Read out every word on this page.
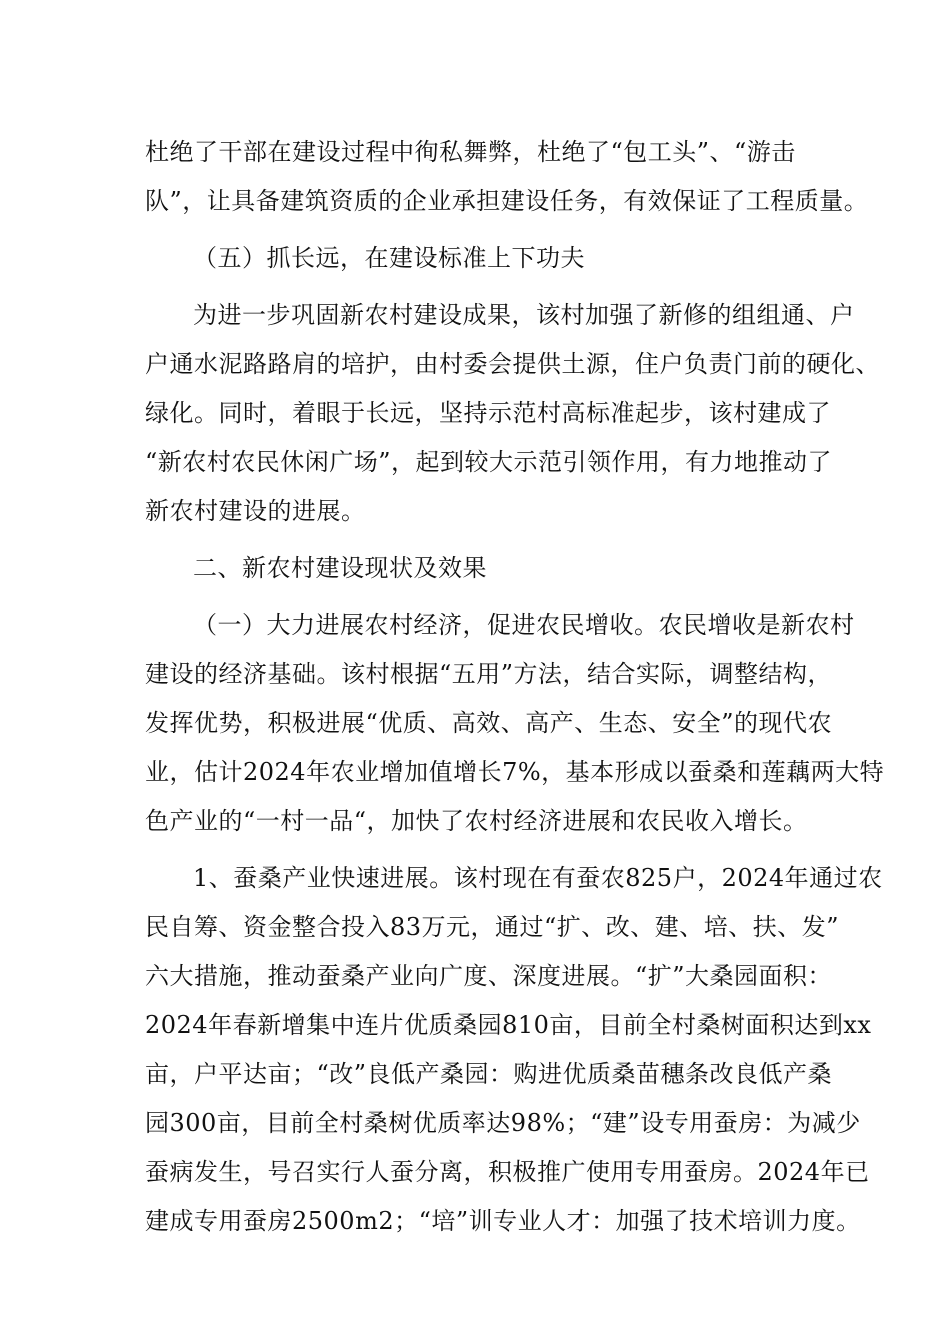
杜绝了干部在建设过程中徇私舞弊，杜绝了“包工头”、“游击
队”，让具备建筑资质的企业承担建设任务，有效保证了工程质量。
（五）抓长远，在建设标准上下功夫
为进一步巩固新农村建设成果，该村加强了新修的组组通、户
户通水泥路路肩的培护，由村委会提供土源，住户负责门前的硬化、
绿化。同时，着眼于长远，坚持示范村高标准起步，该村建成了
“新农村农民休闲广场”，起到较大示范引领作用，有力地推动了
新农村建设的进展。
二、新农村建设现状及效果
（一）大力进展农村经济，促进农民增收。农民增收是新农村
建设的经济基础。该村根据“五用”方法，结合实际，调整结构，
发挥优势，积极进展“优质、高效、高产、生态、安全”的现代农
业，估计2024年农业增加值增长7%，基本形成以蚕桑和莲藕两大特
色产业的“一村一品“，加快了农村经济进展和农民收入增长。
1、蚕桑产业快速进展。该村现在有蚕农825户，2024年通过农
民自筹、资金整合投入83万元，通过“扩、改、建、培、扶、发”
六大措施，推动蚕桑产业向广度、深度进展。“扩”大桑园面积：
2024年春新增集中连片优质桑园810亩，目前全村桑树面积达到xx
亩，户平达亩；“改”良低产桑园：购进优质桑苗穗条改良低产桑
园300亩，目前全村桑树优质率达98%；“建”设专用蚕房：为减少
蚕病发生，号召实行人蚕分离，积极推广使用专用蚕房。2024年已
建成专用蚕房2500m2；“培”训专业人才：加强了技术培训力度。
